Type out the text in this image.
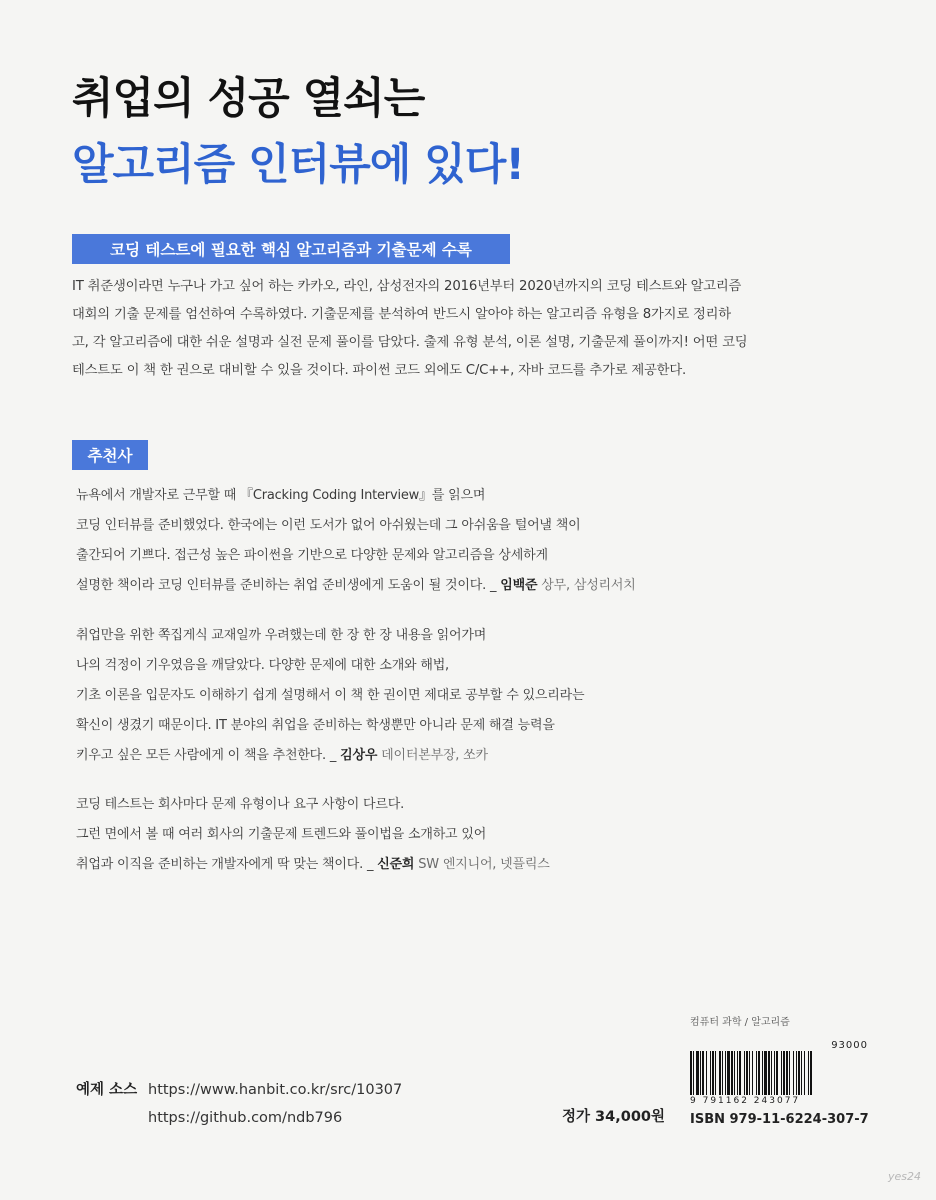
취업의 성공 열쇠는
알고리즘 인터뷰에 있다!
코딩 테스트에 필요한 핵심 알고리즘과 기출문제 수록

IT 취준생이라면 누구나 가고 싶어 하는 카카오, 라인, 삼성전자의 2016년부터 2020년까지의 코딩 테스트와 알고리즘

대회의 기출 문제를 엄선하여 수록하였다. 기출문제를 분석하여 반드시 알아야 하는 알고리즘 유형을 8가지로 정리하

고, 각 알고리즘에 대한 쉬운 설명과 실전 문제 풀이를 담았다. 출제 유형 분석, 이론 설명, 기출문제 풀이까지! 어떤 코딩

테스트도 이 책 한 권으로 대비할 수 있을 것이다. 파이썬 코드 외에도 C/C++, 자바 코드를 추가로 제공한다.

추천사

뉴욕에서 개발자로 근무할 때 『Cracking Coding Interview』를 읽으며

코딩 인터뷰를 준비했었다. 한국에는 이런 도서가 없어 아쉬웠는데 그 아쉬움을 털어낼 책이

출간되어 기쁘다. 접근성 높은 파이썬을 기반으로 다양한 문제와 알고리즘을 상세하게

설명한 책이라 코딩 인터뷰를 준비하는 취업 준비생에게 도움이 될 것이다. _ 임백준 상무, 삼성리서치

취업만을 위한 쪽집게식 교재일까 우려했는데 한 장 한 장 내용을 읽어가며

나의 걱정이 기우였음을 깨달았다. 다양한 문제에 대한 소개와 해법,

기초 이론을 입문자도 이해하기 쉽게 설명해서 이 책 한 권이면 제대로 공부할 수 있으리라는

확신이 생겼기 때문이다. IT 분야의 취업을 준비하는 학생뿐만 아니라 문제 해결 능력을

키우고 싶은 모든 사람에게 이 책을 추천한다. _ 김상우 데이터본부장, 쏘카

코딩 테스트는 회사마다 문제 유형이나 요구 사항이 다르다.

그런 면에서 볼 때 여러 회사의 기출문제 트렌드와 풀이법을 소개하고 있어

취업과 이직을 준비하는 개발자에게 딱 맞는 책이다. _ 신준희 SW 엔지니어, 넷플릭스

예제 소스 https://www.hanbit.co.kr/src/10307
https://github.com/ndb796	정가 34,000원
컴퓨터 과학 / 알고리즘
93000
9 791162 243077
ISBN 979-11-6224-307-7
yes24
